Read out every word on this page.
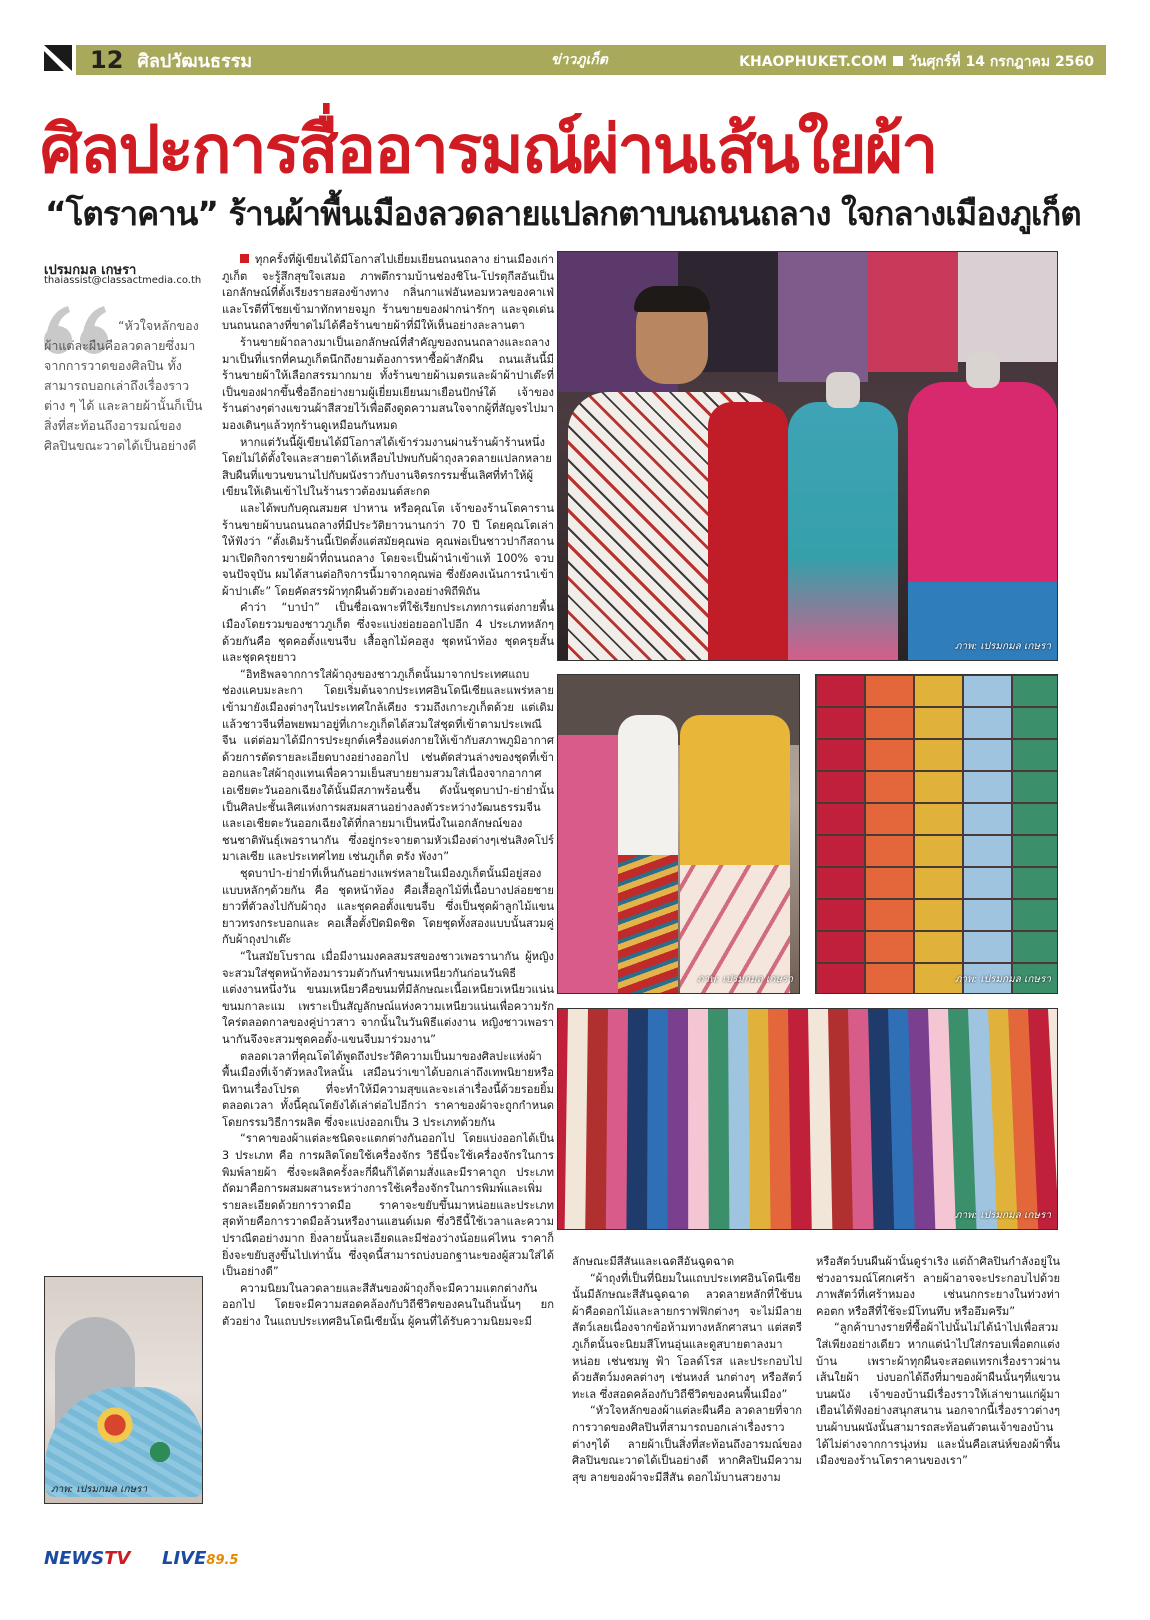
12 ศิลปวัฒนธรรม	ข่าวภูเก็ต	KHAOPHUKET.COM วันศุกร์ที่ 14 กรกฎาคม 2560
ศิลปะการสื่ออารมณ์ผ่านเส้นใยผ้า
“โตราคาน” ร้านผ้าพื้นเมืองลวดลายแปลกตาบนถนนถลาง ใจกลางเมืองภูเก็ต
เปรมกมล เกษรา
thaiassist@classactmedia.co.th

“หัวใจหลักของผ้าแต่ละผืนคือลวดลายซึ่งมาจากการวาดของศิลปิน ทั้งสามารถบอกเล่าถึงเรื่องราวต่าง ๆ ได้ และลายผ้านั้นก็เป็นสิ่งที่สะท้อนถึงอารมณ์ของศิลปินขณะวาดได้เป็นอย่างดี

ทุกครั้งที่ผู้เขียนได้มีโอกาสไปเยี่ยมเยียนถนนถลาง ย่านเมืองเก่าภูเก็ต จะรู้สึกสุขใจเสมอ ภาพตึกรามบ้านช่องชิโน-โปรตุกีสอันเป็นเอกลักษณ์ที่ตั้งเรียงรายสองข้างทาง กลิ่นกาแฟอันหอมหวลของคาเฟ่และโรตีที่โชยเข้ามาทักทายจมูก ร้านขายของฝากน่ารักๆ และจุดเด่นบนถนนถลางที่ขาดไม่ได้คือร้านขายผ้าที่มีให้เห็นอย่างละลานตา

ร้านขายผ้าถลางมาเป็นเอกลักษณ์ที่สำคัญของถนนถลางและถลางมาเป็นที่แรกที่คนภูเก็ตนึกถึงยามต้องการหาซื้อผ้าสักผืน ถนนเส้นนี้มีร้านขายผ้าให้เลือกสรรมากมาย ทั้งร้านขายผ้าเมตรและผ้าผ้าปาเต๊ะที่เป็นของฝากขึ้นชื่ออีกอย่างยามผู้เยี่ยมเยียนมาเยือนปักษ์ใต้ เจ้าของร้านต่างๆต่างแขวนผ้าสีสวยไว้เพื่อดึงดูดความสนใจจากผู้ที่สัญจรไปมา มองเดินๆแล้วทุกร้านดูเหมือนกันหมด

หากแต่วันนี้ผู้เขียนได้มีโอกาสได้เข้าร่วมงานผ่านร้านผ้าร้านหนึ่งโดยไม่ได้ตั้งใจและสายตาได้เหลือบไปพบกับผ้าถุงลวดลายแปลกหลายสิบผืนที่แขวนขนานไปกับผนังราวกับงานจิตรกรรมชั้นเลิศที่ทำให้ผู้เขียนให้เดินเข้าไปในร้านราวต้องมนต์สะกด

และได้พบกับคุณสมยศ ปาหาน หรือคุณโต เจ้าของร้านโตคาราน ร้านขายผ้าบนถนนถลางที่มีประวัติยาวนานกว่า 70 ปี โดยคุณโตเล่าให้ฟังว่า “ตั้งเดิมร้านนี้เปิดตั้งแต่สมัยคุณพ่อ คุณพ่อเป็นชาวปากีสถาน มาเปิดกิจการขายผ้าที่ถนนถลาง โดยจะเป็นผ้านำเข้าแท้ 100% จวบจนปัจจุบัน ผมได้สานต่อกิจการนี้มาจากคุณพ่อ ซึ่งยังคงเน้นการนำเข้าผ้าปาเต๊ะ” โดยคัดสรรผ้าทุกผืนด้วยตัวเองอย่างพิถีพิถัน

คำว่า “บาบ๋า” เป็นชื่อเฉพาะที่ใช้เรียกประเภทการแต่งกายพื้นเมืองโดยรวมของชาวภูเก็ต ซึ่งจะแบ่งย่อยออกไปอีก 4 ประเภทหลักๆด้วยกันคือ ชุดคอตั้งแขนจีบ เสื้อลูกไม้คอสูง ชุดหน้าท้อง ชุดครุยสั้นและชุดครุยยาว

“อิทธิพลจากการใส่ผ้าถุงของชาวภูเก็ตนั้นมาจากประเทศแถบช่องแคบมะละกา โดยเริ่มต้นจากประเทศอินโดนีเซียและแพร่หลายเข้ามายังเมืองต่างๆในประเทศใกล้เคียง รวมถึงเกาะภูเก็ตด้วย แต่เดิมแล้วชาวจีนที่อพยพมาอยู่ที่เกาะภูเก็ตได้สวมใส่ชุดที่เข้าตามประเพณีจีน แต่ต่อมาได้มีการประยุกต์เครื่องแต่งกายให้เข้ากับสภาพภูมิอากาศด้วยการตัดรายละเอียดบางอย่างออกไป เช่นตัดส่วนล่างของชุดที่เข้าออกและใส่ผ้าถุงแทนเพื่อความเย็นสบายยามสวมใส่เนื่องจากอากาศเอเชียตะวันออกเฉียงใต้นั้นมีสภาพร้อนชื้น ดังนั้นชุดบาบ๋า-ย่าย๋านั้นเป็นศิลปะชั้นเลิศแห่งการผสมผสานอย่างลงตัวระหว่างวัฒนธรรมจีนและเอเชียตะวันออกเฉียงใต้ที่กลายมาเป็นหนึ่งในเอกลักษณ์ของชนชาติพันธุ์เพอรานากัน ซึ่งอยู่กระจายตามหัวเมืองต่างๆเช่นสิงคโปร์ มาเลเซีย และประเทศไทย เช่นภูเก็ต ตรัง พังงา”

ชุดบาบ๋า-ย่าย๋าที่เห็นกันอย่างแพร่หลายในเมืองภูเก็ตนั้นมีอยู่สองแบบหลักๆด้วยกัน คือ ชุดหน้าท้อง คือเสื้อลูกไม้ที่เนื้อบางปล่อยชายยาวที่ตัวลงไปกับผ้าถุง และชุดคอตั้งแขนจีบ ซึ่งเป็นชุดผ้าลูกไม้แขนยาวทรงกระบอกและ คอเสื้อตั้งปิดมิดชิด โดยชุดทั้งสองแบบนั้นสวมคู่กับผ้าถุงปาเต๊ะ

“ในสมัยโบราณ เมื่อมีงานมงคลสมรสของชาวเพอรานากัน ผู้หญิงจะสวมใส่ชุดหน้าท้องมารวมตัวกันทำขนมเหนียวกันก่อนวันพิธีแต่งงานหนึ่งวัน ขนมเหนียวคือขนมที่มีลักษณะเนื้อเหนียวเหนียวแน่น ขนมกาละแม เพราะเป็นสัญลักษณ์แห่งความเหนียวแน่นเพื่อความรักใคร่ตลอดกาลของคู่บ่าวสาว จากนั้นในวันพิธีแต่งงาน หญิงชาวเพอรานากันจึงจะสวมชุดคอตั้ง-แขนจีบมาร่วมงาน”

ตลอดเวลาที่คุณโตได้พูดถึงประวัติความเป็นมาของศิลปะแห่งผ้าพื้นเมืองที่เจ้าตัวหลงใหลนั้น เสมือนว่าเขาได้บอกเล่าถึงเทพนิยายหรือนิทานเรื่องโปรด ที่จะทำให้มีความสุขและจะเล่าเรื่องนี้ด้วยรอยยิ้มตลอดเวลา ทั้งนี้คุณโตยังได้เล่าต่อไปอีกว่า ราคาของผ้าจะถูกกำหนดโดยกรรมวิธีการผลิต ซึ่งจะแบ่งออกเป็น 3 ประเภทด้วยกัน

“ราคาของผ้าแต่ละชนิดจะแตกต่างกันออกไป โดยแบ่งออกได้เป็น 3 ประเภท คือ การผลิตโดยใช้เครื่องจักร วิธีนี้จะใช้เครื่องจักรในการพิมพ์ลายผ้า ซึ่งจะผลิตครั้งละกี่ผืนก็ได้ตามสั่งและมีราคาถูก ประเภทถัดมาคือการผสมผสานระหว่างการใช้เครื่องจักรในการพิมพ์และเพิ่มรายละเอียดด้วยการวาดมือ ราคาจะขยับขึ้นมาหน่อยและประเภทสุดท้ายคือการวาดมือล้วนหรืองานแฮนด์เมด ซึ่งวิธีนี้ใช้เวลาและความปราณีตอย่างมาก ยิ่งลายนั้นละเอียดและมีช่องว่างน้อยแค่ไหน ราคาก็ยิ่งจะขยับสูงขึ้นไปเท่านั้น ซึ่งจุดนี้สามารถบ่งบอกฐานะของผู้สวมใส่ได้เป็นอย่างดี”

ความนิยมในลวดลายและสีสันของผ้าถุงก็จะมีความแตกต่างกันออกไป โดยจะมีความสอดคล้องกับวิถีชีวิตของคนในถิ่นนั้นๆ ยกตัวอย่าง ในแถบประเทศอินโดนีเซียนั้น ผู้คนที่ได้รับความนิยมจะมี

ภาพ: เปรมกมล เกษรา
ภาพ: เปรมกมล เกษรา	ภาพ: เปรมกมล เกษรา
ภาพ: เปรมกมล เกษรา
ภาพ: เปรมกมล เกษรา

ลักษณะมีสีสันและเฉดสีอันฉูดฉาด

“ผ้าถุงที่เป็นที่นิยมในแถบประเทศอินโดนีเซียนั้นมีลักษณะสีสันฉูดฉาด ลวดลายหลักที่ใช้บนผ้าคือดอกไม้และลายกราฟฟิกต่างๆ จะไม่มีลายสัตว์เลยเนื่องจากข้อห้ามทางหลักศาสนา แต่สตรีภูเก็ตนั้นจะนิยมสีโทนอุ่นและดูสบายตาลงมาหน่อย เช่นชมพู ฟ้า โอลด์โรส และประกอบไปด้วยสัตว์มงคลต่างๆ เช่นหงส์ นกต่างๆ หรือสัตว์ทะเล ซึ่งสอดคล้องกับวิถีชีวิตของคนพื้นเมือง”

“หัวใจหลักของผ้าแต่ละผืนคือ ลวดลายที่จากการวาดของศิลปินที่สามารถบอกเล่าเรื่องราวต่างๆได้ ลายผ้าเป็นสิ่งที่สะท้อนถึงอารมณ์ของศิลปินขณะวาดได้เป็นอย่างดี หากศิลปินมีความสุข ลายของผ้าจะมีสีสัน ดอกไม้บานสวยงาม

หรือสัตว์บนผืนผ้านั้นดูร่าเริง แต่ถ้าศิลปินกำลังอยู่ในช่วงอารมณ์โศกเศร้า ลายผ้าอาจจะประกอบไปด้วยภาพสัตว์ที่เศร้าหมอง เช่นนกกระยางในท่วงท่าคอตก หรือสีที่ใช้จะมีโทนทึบ หรืออึมครึม”

“ลูกค้าบางรายที่ซื้อผ้าไปนั้นไม่ได้นำไปเพื่อสวมใส่เพียงอย่างเดียว หากแต่นำไปใส่กรอบเพื่อตกแต่งบ้าน เพราะผ้าทุกผืนจะสอดแทรกเรื่องราวผ่านเส้นใยผ้า บ่งบอกได้ถึงที่มาของผ้าผืนนั้นๆที่แขวนบนผนัง เจ้าของบ้านมีเรื่องราวให้เล่าขานแก่ผู้มาเยือนได้ฟังอย่างสนุกสนาน นอกจากนี้เรื่องราวต่างๆบนผ้าบนผนังนั้นสามารถสะท้อนตัวตนเจ้าของบ้านได้ไม่ต่างจากการนุ่งห่ม และนั่นคือเสน่ห์ของผ้าพื้นเมืองของร้านโตราคานของเรา”

NEWSTV LIVE89.5
